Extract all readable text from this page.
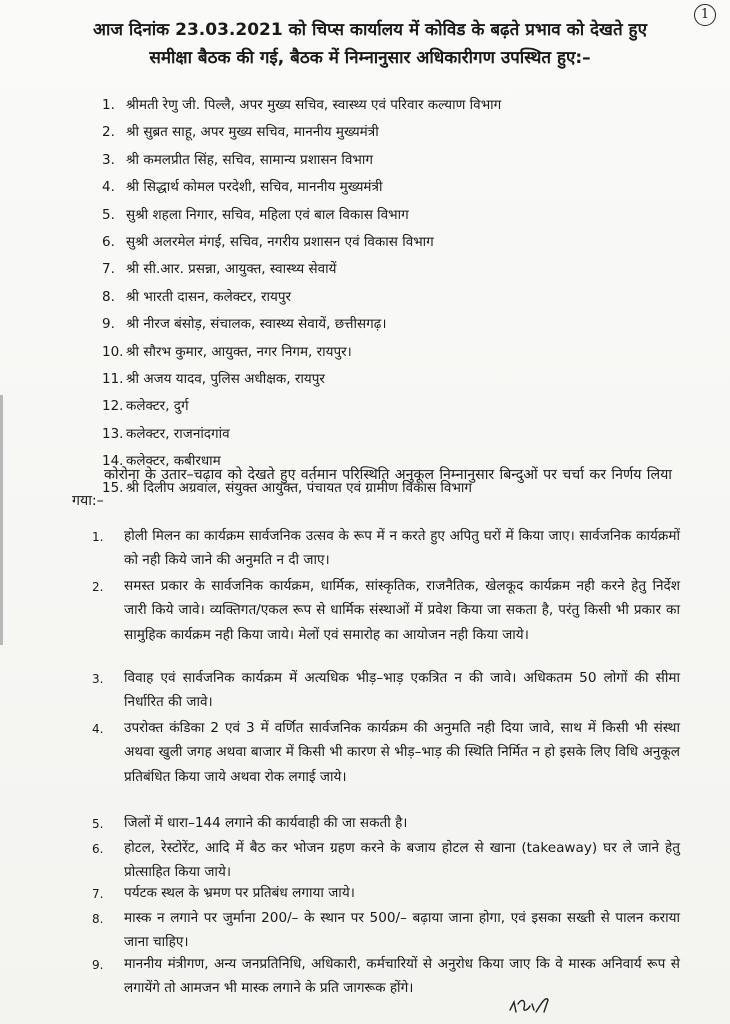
1
आज दिनांक 23.03.2021 को चिप्स कार्यालय में कोविड के बढ़ते प्रभाव को देखते हुए
समीक्षा बैठक की गई, बैठक में निम्नानुसार अधिकारीगण उपस्थित हुए:–
1. श्रीमती रेणु जी. पिल्लै, अपर मुख्य सचिव, स्वास्थ्य एवं परिवार कल्याण विभाग
2. श्री सुब्रत साहू, अपर मुख्य सचिव, माननीय मुख्यमंत्री
3. श्री कमलप्रीत सिंह, सचिव, सामान्य प्रशासन विभाग
4. श्री सिद्धार्थ कोमल परदेशी, सचिव, माननीय मुख्यमंत्री
5. सुश्री शहला निगार, सचिव, महिला एवं बाल विकास विभाग
6. सुश्री अलरमेल मंगई, सचिव, नगरीय प्रशासन एवं विकास विभाग
7. श्री सी.आर. प्रसन्ना, आयुक्त, स्वास्थ्य सेवायें
8. श्री भारती दासन, कलेक्टर, रायपुर
9. श्री नीरज बंसोड़, संचालक, स्वास्थ्य सेवायें, छत्तीसगढ़।
10. श्री सौरभ कुमार, आयुक्त, नगर निगम, रायपुर।
11. श्री अजय यादव, पुलिस अधीक्षक, रायपुर
12. कलेक्टर, दुर्ग
13. कलेक्टर, राजनांदगांव
14. कलेक्टर, कबीरधाम
15. श्री दिलीप अग्रवाल, संयुक्त आयुक्त, पंचायत एवं ग्रामीण विकास विभाग
कोरोना के उतार–चढ़ाव को देखते हुए वर्तमान परिस्थिति अनुकूल निम्नानुसार बिन्दुओं पर चर्चा कर निर्णय लिया गया:–
1. होली मिलन का कार्यक्रम सार्वजनिक उत्सव के रूप में न करते हुए अपितु घरों में किया जाए। सार्वजनिक कार्यक्रमों को नही किये जाने की अनुमति न दी जाए।
2. समस्त प्रकार के सार्वजनिक कार्यक्रम, धार्मिक, सांस्कृतिक, राजनैतिक, खेलकूद कार्यक्रम नही करने हेतु निर्देश जारी किये जावे। व्यक्तिगत/एकल रूप से धार्मिक संस्थाओं में प्रवेश किया जा सकता है, परंतु किसी भी प्रकार का सामुहिक कार्यक्रम नही किया जाये। मेलों एवं समारोह का आयोजन नही किया जाये।
3. विवाह एवं सार्वजनिक कार्यक्रम में अत्यधिक भीड़–भाड़ एकत्रित न की जावे। अधिकतम 50 लोगों की सीमा निर्धारित की जावे।
4. उपरोक्त कंडिका 2 एवं 3 में वर्णित सार्वजनिक कार्यक्रम की अनुमति नही दिया जावे, साथ में किसी भी संस्था अथवा खुली जगह अथवा बाजार में किसी भी कारण से भीड़–भाड़ की स्थिति निर्मित न हो इसके लिए विधि अनुकूल प्रतिबंधित किया जाये अथवा रोक लगाई जाये।
5. जिलों में धारा–144 लगाने की कार्यवाही की जा सकती है।
6. होटल, रेस्टोरेंट, आदि में बैठ कर भोजन ग्रहण करने के बजाय होटल से खाना (takeaway) घर ले जाने हेतु प्रोत्साहित किया जाये।
7. पर्यटक स्थल के भ्रमण पर प्रतिबंध लगाया जाये।
8. मास्क न लगाने पर जुर्माना 200/– के स्थान पर 500/– बढ़ाया जाना होगा, एवं इसका सख्ती से पालन कराया जाना चाहिए।
9. माननीय मंत्रीगण, अन्य जनप्रतिनिधि, अधिकारी, कर्मचारियों से अनुरोध किया जाए कि वे मास्क अनिवार्य रूप से लगायेंगे तो आमजन भी मास्क लगाने के प्रति जागरूक होंगे।
